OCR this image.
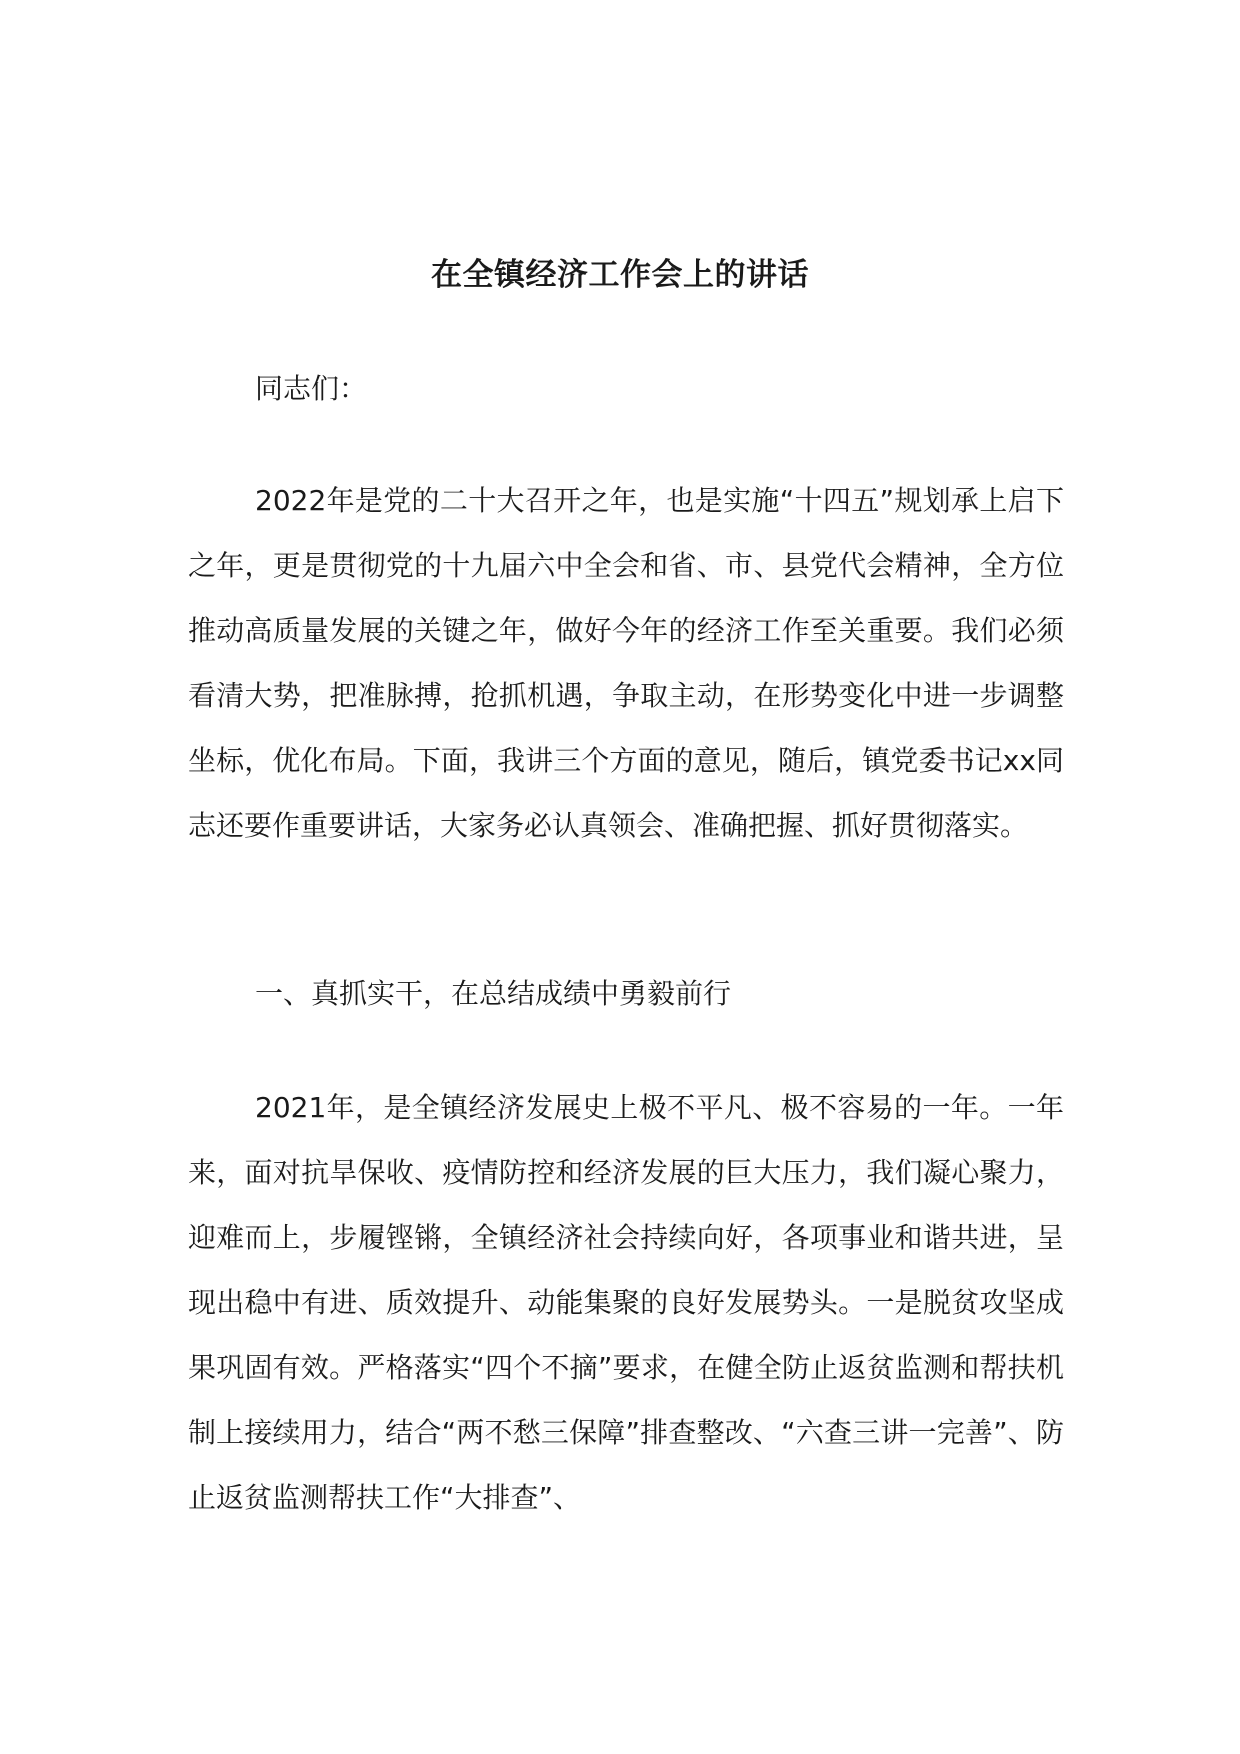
在全镇经济工作会上的讲话

同志们：

2022年是党的二十大召开之年，也是实施“十四五”规划承上启下之年，更是贯彻党的十九届六中全会和省、市、县党代会精神，全方位推动高质量发展的关键之年，做好今年的经济工作至关重要。我们必须看清大势，把准脉搏，抢抓机遇，争取主动，在形势变化中进一步调整坐标，优化布局。下面，我讲三个方面的意见，随后，镇党委书记xx同志还要作重要讲话，大家务必认真领会、准确把握、抓好贯彻落实。

一、真抓实干，在总结成绩中勇毅前行

2021年，是全镇经济发展史上极不平凡、极不容易的一年。一年来，面对抗旱保收、疫情防控和经济发展的巨大压力，我们凝心聚力，迎难而上，步履铿锵，全镇经济社会持续向好，各项事业和谐共进，呈现出稳中有进、质效提升、动能集聚的良好发展势头。一是脱贫攻坚成果巩固有效。严格落实“四个不摘”要求，在健全防止返贫监测和帮扶机制上接续用力，结合“两不愁三保障”排查整改、“六查三讲一完善”、防止返贫监测帮扶工作“大排查”、
